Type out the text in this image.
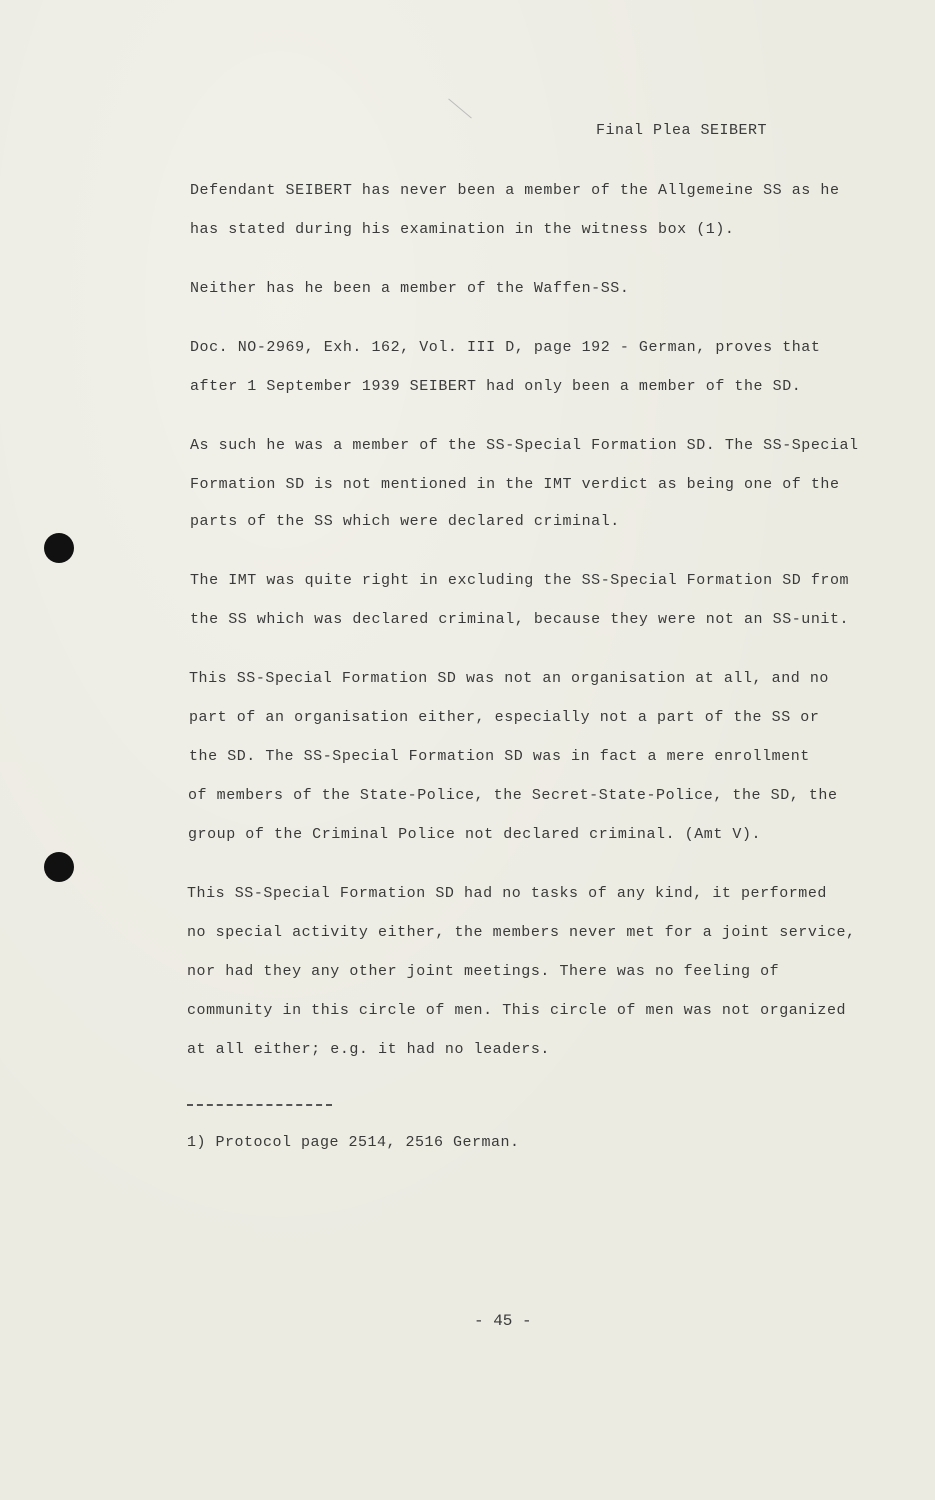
Final Plea SEIBERT
Defendant SEIBERT has never been a member of the Allgemeine SS as he
has stated during his examination in the witness box (1).
Neither has he been a member of the Waffen-SS.
Doc. NO-2969, Exh. 162, Vol. III D, page 192 - German, proves that
after 1 September 1939 SEIBERT had only been a member of the SD.
As such he was a member of the SS-Special Formation SD. The SS-Special
Formation SD is not mentioned in the IMT verdict as being one of the
parts of the SS which were declared criminal.
The IMT was quite right in excluding the SS-Special Formation SD from
the SS which was declared criminal, because they were not an SS-unit.
This SS-Special Formation SD was not an organisation at all, and no
part of an organisation either, especially not a part of the SS or
the SD. The SS-Special Formation SD was in fact a mere enrollment
of members of the State-Police, the Secret-State-Police, the SD, the
group of the Criminal Police not declared criminal. (Amt V).
This SS-Special Formation SD had no tasks of any kind, it performed
no special activity either, the members never met for a joint service,
nor had they any other joint meetings. There was no feeling of
community in this circle of men. This circle of men was not organized
at all either; e.g. it had no leaders.
1) Protocol page 2514, 2516 German.
- 45 -
